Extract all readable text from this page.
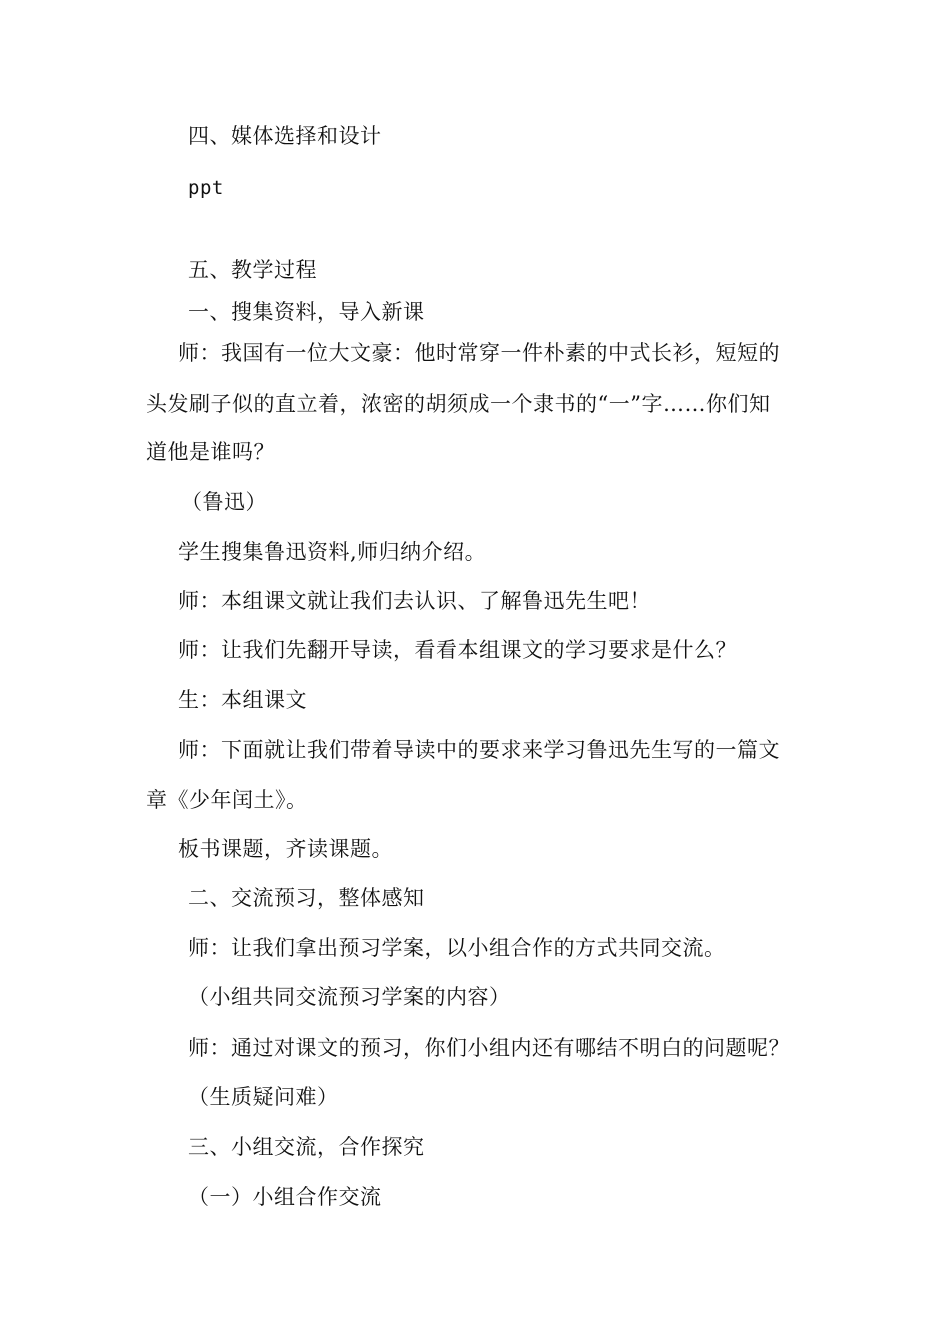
四、媒体选择和设计
ppt
五、教学过程
一、搜集资料，导入新课
师：我国有一位大文豪：他时常穿一件朴素的中式长衫，短短的
头发刷子似的直立着，浓密的胡须成一个隶书的“一”字……你们知
道他是谁吗？
（鲁迅）
学生搜集鲁迅资料,师归纳介绍。
师：本组课文就让我们去认识、了解鲁迅先生吧！
师：让我们先翻开导读，看看本组课文的学习要求是什么？
生：本组课文
师：下面就让我们带着导读中的要求来学习鲁迅先生写的一篇文
章《少年闰土》。
板书课题，齐读课题。
二、交流预习，整体感知
师：让我们拿出预习学案，以小组合作的方式共同交流。
（小组共同交流预习学案的内容）
师：通过对课文的预习，你们小组内还有哪结不明白的问题呢？
（生质疑问难）
三、小组交流，合作探究
（一）小组合作交流
